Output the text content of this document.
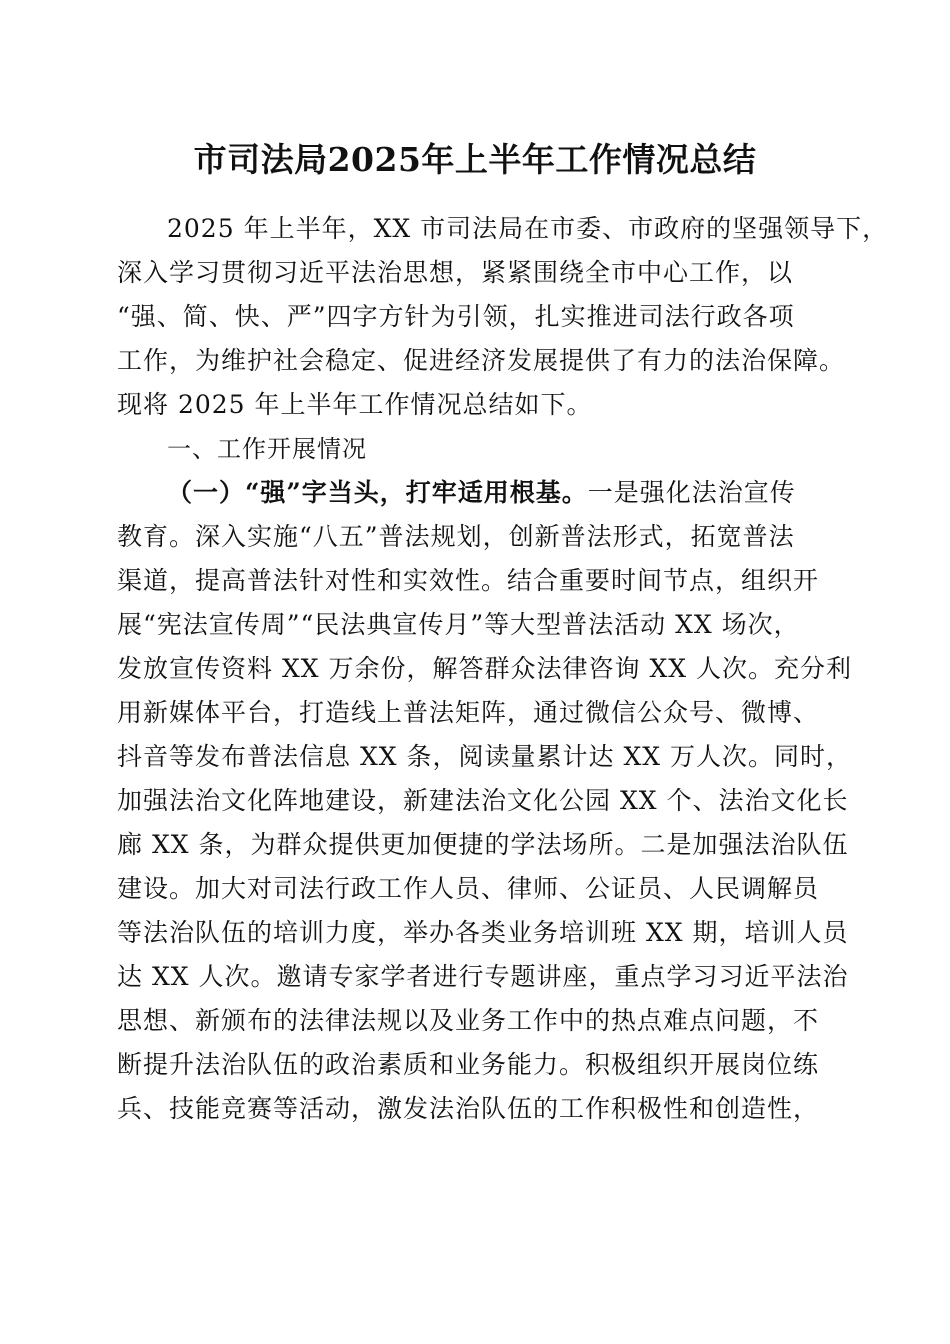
市司法局2025年上半年工作情况总结
2025 年上半年，XX 市司法局在市委、市政府的坚强领导下，
深入学习贯彻习近平法治思想，紧紧围绕全市中心工作，以
“强、简、快、严”四字方针为引领，扎实推进司法行政各项
工作，为维护社会稳定、促进经济发展提供了有力的法治保障。
现将 2025 年上半年工作情况总结如下。
一、工作开展情况
（一）“强”字当头，打牢适用根基。一是强化法治宣传
教育。深入实施“八五”普法规划，创新普法形式，拓宽普法
渠道，提高普法针对性和实效性。结合重要时间节点，组织开
展“宪法宣传周”“民法典宣传月”等大型普法活动 XX 场次，
发放宣传资料 XX 万余份，解答群众法律咨询 XX 人次。充分利
用新媒体平台，打造线上普法矩阵，通过微信公众号、微博、
抖音等发布普法信息 XX 条，阅读量累计达 XX 万人次。同时，
加强法治文化阵地建设，新建法治文化公园 XX 个、法治文化长
廊 XX 条，为群众提供更加便捷的学法场所。二是加强法治队伍
建设。加大对司法行政工作人员、律师、公证员、人民调解员
等法治队伍的培训力度，举办各类业务培训班 XX 期，培训人员
达 XX 人次。邀请专家学者进行专题讲座，重点学习习近平法治
思想、新颁布的法律法规以及业务工作中的热点难点问题，不
断提升法治队伍的政治素质和业务能力。积极组织开展岗位练
兵、技能竞赛等活动，激发法治队伍的工作积极性和创造性，
